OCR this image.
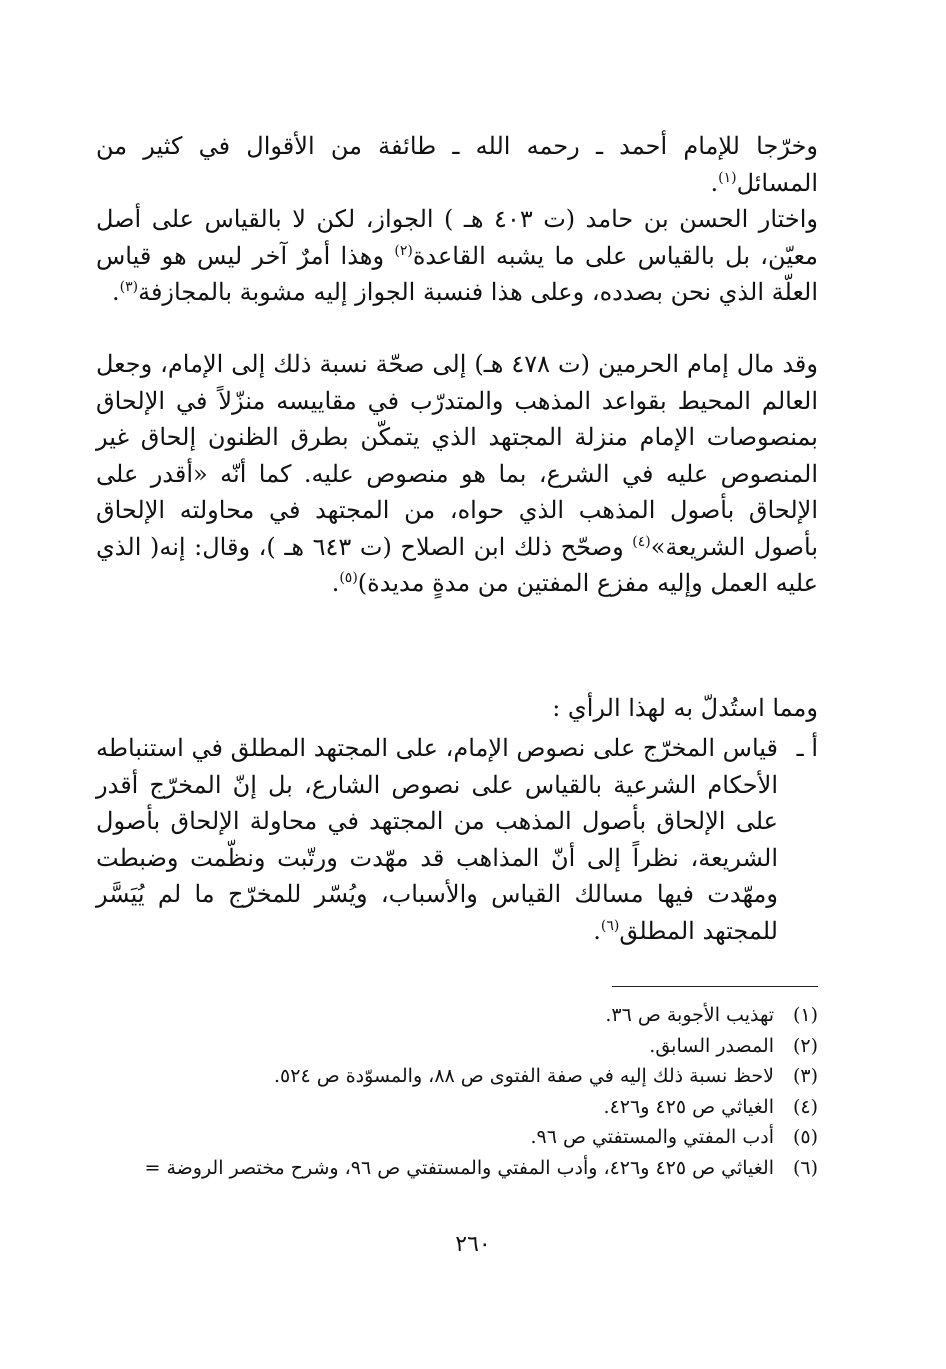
وخرّجا للإمام أحمد ـ رحمه الله ـ طائفة من الأقوال في كثير من المسائل$^{(١)}$.
واختار الحسن بن حامد (ت ٤٠٣ هـ ) الجواز، لكن لا بالقياس على أصل معيّن، بل بالقياس على ما يشبه القاعدة$^{(٢)}$ وهذا أمرٌ آخر ليس هو قياس العلّة الذي نحن بصدده، وعلى هذا فنسبة الجواز إليه مشوبة بالمجازفة$^{(٣)}$.

وقد مال إمام الحرمين (ت ٤٧٨ هـ) إلى صحّة نسبة ذلك إلى الإمام، وجعل العالم المحيط بقواعد المذهب والمتدرّب في مقاييسه منزّلاً في الإلحاق بمنصوصات الإمام منزلة المجتهد الذي يتمكّن بطرق الظنون إلحاق غير المنصوص عليه في الشرع، بما هو منصوص عليه. كما أنّه «أقدر على الإلحاق بأصول المذهب الذي حواه، من المجتهد في محاولته الإلحاق بأصول الشريعة»$^{(٤)}$ وصحّح ذلك ابن الصلاح (ت ٦٤٣ هـ )، وقال: إنه( الذي عليه العمل وإليه مفزع المفتين من مدةٍ مديدة)$^{(٥)}$.

ومما استُدلّ به لهذا الرأي :

أ ـ
قياس المخرّج على نصوص الإمام، على المجتهد المطلق في استنباطه الأحكام الشرعية بالقياس على نصوص الشارع، بل إنّ المخرّج أقدر على الإلحاق بأصول المذهب من المجتهد في محاولة الإلحاق بأصول الشريعة، نظراً إلى أنّ المذاهب قد مهّدت ورتّبت ونظّمت وضبطت ومهّدت فيها مسالك القياس والأسباب، ويُسّر للمخرّج ما لم يُيَسَّر للمجتهد المطلق$^{(٦)}$.
(١)تهذيب الأجوبة ص ٣٦.
(٢)المصدر السابق.
(٣)لاحظ نسبة ذلك إليه في صفة الفتوى ص ٨٨، والمسوّدة ص ٥٢٤.
(٤)الغياثي ص ٤٢٥ و٤٢٦.
(٥)أدب المفتي والمستفتي ص ٩٦.
(٦)الغياثي ص ٤٢٥ و٤٢٦، وأدب المفتي والمستفتي ص ٩٦، وشرح مختصر الروضة =
٢٦٠
